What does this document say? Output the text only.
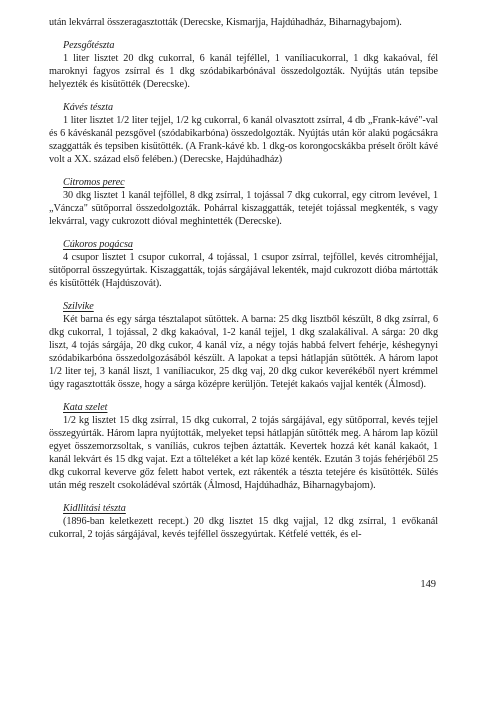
után lekvárral összeragasztották (Derecske, Kismarjja, Hajdúhadház, Biharnagybajom).

Pezsgőtészta

1 liter lisztet 20 dkg cukorral, 6 kanál tejféllel, 1 vaníliacukorral, 1 dkg kakaóval, fél maroknyi fagyos zsírral és 1 dkg szódabikarbónával összedolgozták. Nyújtás után tepsibe helyezték és kisütötték (Derecske).

Kávés tészta

1 liter lisztet 1/2 liter tejjel, 1/2 kg cukorral, 6 kanál olvasztott zsírral, 4 db „Frank-kávé"-val és 6 kávéskanál pezsgővel (szódabikarbóna) összedolgozták. Nyújtás után kör alakú pogácsákra szaggatták és tepsiben kisütötték. (A Frank-kávé kb. 1 dkg-os korongocskákba préselt őrölt kávé volt a XX. század első felében.) (Derecske, Hajdúhadház)

Citromos perec

30 dkg lisztet 1 kanál tejföllel, 8 dkg zsírral, 1 tojással 7 dkg cukorral, egy citrom levével, 1 „Váncza" sütőporral összedolgozták. Pohárral kiszaggatták, tetejét tojással megkenték, s vagy lekvárral, vagy cukrozott dióval meghintették (Derecske).

Cúkoros pogácsa

4 csupor lisztet 1 csupor cukorral, 4 tojással, 1 csupor zsírral, tejföllel, kevés citromhéjjal, sütőporral összegyúrtak. Kiszaggatták, tojás sárgájával lekenték, majd cukrozott dióba mártották és kisütötték (Hajdúszovát).

Szilvike

Két barna és egy sárga tésztalapot sütöttek. A barna: 25 dkg lisztből készült, 8 dkg zsírral, 6 dkg cukorral, 1 tojással, 2 dkg kakaóval, 1-2 kanál tejjel, 1 dkg szalakálival. A sárga: 20 dkg liszt, 4 tojás sárgája, 20 dkg cukor, 4 kanál víz, a négy tojás habbá felvert fehérje, késhegynyi szódabikarbóna összedolgozásából készült. A lapokat a tepsi hátlapján sütötték. A három lapot 1/2 liter tej, 3 kanál liszt, 1 vaníliacukor, 25 dkg vaj, 20 dkg cukor keverékéből nyert krémmel úgy ragasztották össze, hogy a sárga középre kerüljön. Tetejét kakaós vajjal kenték (Álmosd).

Kata szelet

1/2 kg lisztet 15 dkg zsírral, 15 dkg cukorral, 2 tojás sárgájával, egy sütőporral, kevés tejjel összegyúrták. Három lapra nyújtották, melyeket tepsi hátlapján sütötték meg. A három lap közül egyet összemorzsoltak, s vaníliás, cukros tejben áztatták. Kevertek hozzá két kanál kakaót, 1 kanál lekvárt és 15 dkg vajat. Ezt a tölteléket a két lap közé kenték. Ezután 3 tojás fehérjéből 25 dkg cukorral keverve gőz felett habot vertek, ezt rákenték a tészta tetejére és kisütötték. Sülés után még reszelt csokoládéval szórták (Álmosd, Hajdúhadház, Biharnagybajom).

Kidllitási tészta

(1896-ban keletkezett recept.) 20 dkg lisztet 15 dkg vajjal, 12 dkg zsírral, 1 evőkanál cukorral, 2 tojás sárgájával, kevés tejféllel összegyúrtak. Kétfelé vették, és el-

149
